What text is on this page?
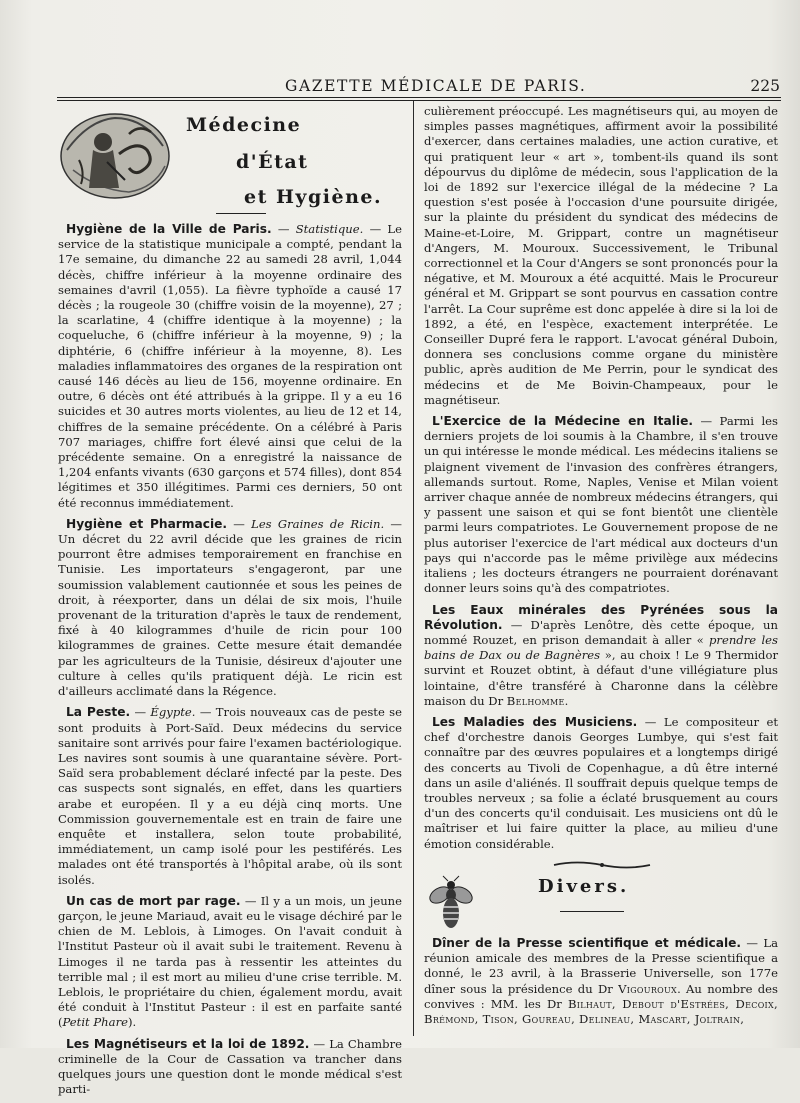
GAZETTE MÉDICALE DE PARIS.	225
Médecine
d'État
et Hygiène.

Hygiène de la Ville de Paris. — Statistique. — Le service de la statistique municipale a compté, pendant la 17e semaine, du dimanche 22 au samedi 28 avril, 1,044 décès, chiffre inférieur à la moyenne ordinaire des semaines d'avril (1,055). La fièvre typhoïde a causé 17 décès ; la rougeole 30 (chiffre voisin de la moyenne), 27 ; la scarlatine, 4 (chiffre identique à la moyenne) ; la coqueluche, 6 (chiffre inférieur à la moyenne, 9) ; la diphtérie, 6 (chiffre inférieur à la moyenne, 8). Les maladies inflammatoires des organes de la respiration ont causé 146 décès au lieu de 156, moyenne ordinaire. En outre, 6 décès ont été attribués à la grippe. Il y a eu 16 suicides et 30 autres morts violentes, au lieu de 12 et 14, chiffres de la semaine précédente. On a célébré à Paris 707 mariages, chiffre fort élevé ainsi que celui de la précédente semaine. On a enregistré la naissance de 1,204 enfants vivants (630 garçons et 574 filles), dont 854 légitimes et 350 illégitimes. Parmi ces derniers, 50 ont été reconnus immédiatement.

Hygiène et Pharmacie. — Les Graines de Ricin. — Un décret du 22 avril décide que les graines de ricin pourront être admises temporairement en franchise en Tunisie. Les importateurs s'engageront, par une soumission valablement cautionnée et sous les peines de droit, à réexporter, dans un délai de six mois, l'huile provenant de la trituration d'après le taux de rendement, fixé à 40 kilogrammes d'huile de ricin pour 100 kilogrammes de graines. Cette mesure était demandée par les agriculteurs de la Tunisie, désireux d'ajouter une culture à celles qu'ils pratiquent déjà. Le ricin est d'ailleurs acclimaté dans la Régence.

La Peste. — Égypte. — Trois nouveaux cas de peste se sont produits à Port-Saïd. Deux médecins du service sanitaire sont arrivés pour faire l'examen bactériologique. Les navires sont soumis à une quarantaine sévère. Port-Saïd sera probablement déclaré infecté par la peste. Des cas suspects sont signalés, en effet, dans les quartiers arabe et européen. Il y a eu déjà cinq morts. Une Commission gouvernementale est en train de faire une enquête et installera, selon toute probabilité, immédiatement, un camp isolé pour les pestiférés. Les malades ont été transportés à l'hôpital arabe, où ils sont isolés.

Un cas de mort par rage. — Il y a un mois, un jeune garçon, le jeune Mariaud, avait eu le visage déchiré par le chien de M. Leblois, à Limoges. On l'avait conduit à l'Institut Pasteur où il avait subi le traitement. Revenu à Limoges il ne tarda pas à ressentir les atteintes du terrible mal ; il est mort au milieu d'une crise terrible. M. Leblois, le propriétaire du chien, également mordu, avait été conduit à l'Institut Pasteur : il est en parfaite santé (Petit Phare).

Les Magnétiseurs et la loi de 1892. — La Chambre criminelle de la Cour de Cassation va trancher dans quelques jours une question dont le monde médical s'est parti-

culièrement préoccupé. Les magnétiseurs qui, au moyen de simples passes magnétiques, affirment avoir la possibilité d'exercer, dans certaines maladies, une action curative, et qui pratiquent leur « art », tombent-ils quand ils sont dépourvus du diplôme de médecin, sous l'application de la loi de 1892 sur l'exercice illégal de la médecine ? La question s'est posée à l'occasion d'une poursuite dirigée, sur la plainte du président du syndicat des médecins de Maine-et-Loire, M. Grippart, contre un magnétiseur d'Angers, M. Mouroux. Successivement, le Tribunal correctionnel et la Cour d'Angers se sont prononcés pour la négative, et M. Mouroux a été acquitté. Mais le Procureur général et M. Grippart se sont pourvus en cassation contre l'arrêt. La Cour suprême est donc appelée à dire si la loi de 1892, a été, en l'espèce, exactement interprétée. Le Conseiller Dupré fera le rapport. L'avocat général Duboin, donnera ses conclusions comme organe du ministère public, après audition de Me Perrin, pour le syndicat des médecins et de Me Boivin-Champeaux, pour le magnétiseur.

L'Exercice de la Médecine en Italie. — Parmi les derniers projets de loi soumis à la Chambre, il s'en trouve un qui intéresse le monde médical. Les médecins italiens se plaignent vivement de l'invasion des confrères étrangers, allemands surtout. Rome, Naples, Venise et Milan voient arriver chaque année de nombreux médecins étrangers, qui y passent une saison et qui se font bientôt une clientèle parmi leurs compatriotes. Le Gouvernement propose de ne plus autoriser l'exercice de l'art médical aux docteurs d'un pays qui n'accorde pas le même privilège aux médecins italiens ; les docteurs étrangers ne pourraient dorénavant donner leurs soins qu'à des compatriotes.

Les Eaux minérales des Pyrénées sous la Révolution. — D'après Lenôtre, dès cette époque, un nommé Rouzet, en prison demandait à aller « prendre les bains de Dax ou de Bagnères », au choix ! Le 9 Thermidor survint et Rouzet obtint, à défaut d'une villégiature plus lointaine, d'être transféré à Charonne dans la célèbre maison du Dr Belhomme.

Les Maladies des Musiciens. — Le compositeur et chef d'orchestre danois Georges Lumbye, qui s'est fait connaître par des œuvres populaires et a longtemps dirigé des concerts au Tivoli de Copenhague, a dû être interné dans un asile d'aliénés. Il souffrait depuis quelque temps de troubles nerveux ; sa folie a éclaté brusquement au cours d'un des concerts qu'il conduisait. Les musiciens ont dû le maîtriser et lui faire quitter la place, au milieu d'une émotion considérable.

Divers.

Dîner de la Presse scientifique et médicale. — La réunion amicale des membres de la Presse scientifique a donné, le 23 avril, à la Brasserie Universelle, son 177e dîner sous la présidence du Dr Vigouroux. Au nombre des convives : MM. les Dr Bilhaut, Debout d'Estrées, Decoix, Brémond, Tison, Goureau, Delineau, Mascart, Joltrain,
